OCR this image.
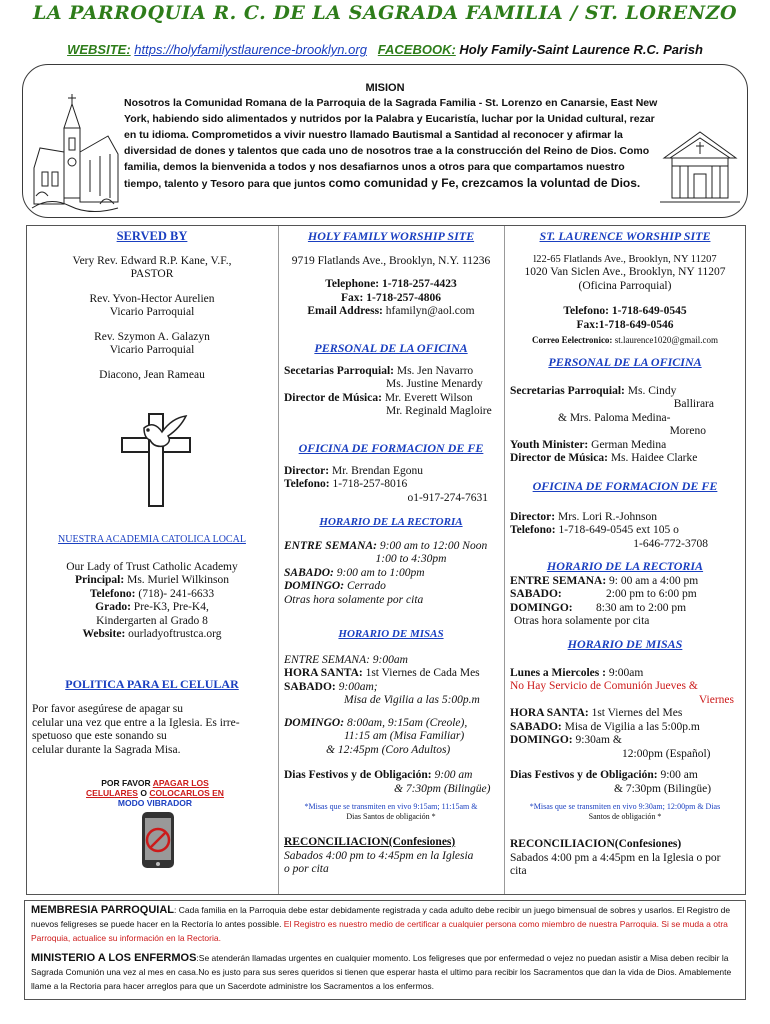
LA PARROQUIA R. C. DE LA SAGRADA FAMILIA / ST. LORENZO
WEBSITE: https://holyfamilystlaurence-brooklyn.org FACEBOOK: Holy Family-Saint Laurence R.C. Parish
MISION
Nosotros la Comunidad Romana de la Parroquia de la Sagrada Familia - St. Lorenzo en Canarsie, East New York, habiendo sido alimentados y nutridos por la Palabra y Eucaristía, luchar por la Unidad cultural, rezar en tu idioma. Comprometidos a vivir nuestro llamado Bautismal a Santidad al reconocer y afirmar la diversidad de dones y talentos que cada uno de nosotros trae a la construcción del Reino de Dios. Como familia, demos la bienvenida a todos y nos desafiarnos unos a otros para que compartamos nuestro tiempo, talento y Tesoro para que juntos como comunidad y Fe, crezcamos la voluntad de Dios.
SERVED BY
Very Rev. Edward R.P. Kane, V.F.,
PASTOR
Rev. Yvon-Hector Aurelien
Vicario Parroquial
Rev. Szymon A. Galazyn
Vicario Parroquial
Diacono, Jean Rameau
NUESTRA ACADEMIA CATOLICA LOCAL
Our Lady of Trust Catholic Academy
Principal: Ms. Muriel Wilkinson
Telefono: (718)- 241-6633
Grado: Pre-K3, Pre-K4,
Kindergarten al Grado 8
Website: ourladyoftrustca.org
POLITICA PARA EL CELULAR
Por favor asegúrese de apagar su
celular una vez que entre a la Iglesia. Es irre-
spetuoso que este sonando su
celular durante la Sagrada Misa.
POR FAVOR APAGAR LOS
CELULARES O COLOCARLOS EN
MODO VIBRADOR
HOLY FAMILY WORSHIP SITE
9719 Flatlands Ave., Brooklyn, N.Y. 11236
Telephone: 1-718-257-4423
Fax: 1-718-257-4806
Email Address: hfamilyn@aol.com
PERSONAL DE LA OFICINA
Secetarias Parroquial: Ms. Jen Navarro
Ms. Justine Menardy
Director de Música: Mr. Everett Wilson
Mr. Reginald Magloire
OFICINA DE FORMACION DE FE
Director: Mr. Brendan Egonu
Telefono: 1-718-257-8016
o1-917-274-7631
HORARIO DE LA RECTORIA
ENTRE SEMANA: 9:00 am to 12:00 Noon
1:00 to 4:30pm
SABADO: 9:00 am to 1:00pm
DOMINGO: Cerrado
Otras hora solamente por cita
HORARIO DE MISAS
ENTRE SEMANA: 9:00am
HORA SANTA: 1st Viernes de Cada Mes
SABADO: 9:00am;
Misa de Vigilia a las 5:00p.m
DOMINGO: 8:00am, 9:15am (Creole),
11:15 am (Misa Familiar)
& 12:45pm (Coro Adultos)
Dias Festivos y de Obligación: 9:00 am
& 7:30pm (Bilingüe)
*Misas que se transmiten en vivo 9:15am; 11:15am &
Dias Santos de obligación *
RECONCILIACION(Confesiones)
Sabados 4:00 pm to 4:45pm en la Iglesia
o por cita
ST. LAURENCE WORSHIP SITE
l22-65 Flatlands Ave., Brooklyn, NY 11207
1020 Van Siclen Ave., Brooklyn, NY 11207
(Oficina Parroquial)
Telefono: 1-718-649-0545
Fax:1-718-649-0546
Correo Eelectronico: st.laurence1020@gmail.com
PERSONAL DE LA OFICINA
Secretarias Parroquial: Ms. Cindy
Ballirara
& Mrs. Paloma Medina-
Moreno
Youth Minister: German Medina
Director de Música: Ms. Haidee Clarke
OFICINA DE FORMACION DE FE
Director: Mrs. Lori R.-Johnson
Telefono: 1-718-649-0545 ext 105 o
1-646-772-3708
HORARIO DE LA RECTORIA
ENTRE SEMANA: 9: 00 am a 4:00 pm
SABADO:	2:00 pm to 6:00 pm
DOMINGO: 8:30 am to 2:00 pm
Otras hora solamente por cita
HORARIO DE MISAS
Lunes a Miercoles : 9:00am
No Hay Servicio de Comunión Jueves &
Viernes
HORA SANTA: 1st Viernes del Mes
SABADO: Misa de Vigilia a las 5:00p.m
DOMINGO: 9:30am &
12:00pm (Español)
Dias Festivos y de Obligación: 9:00 am
& 7:30pm (Bilingüe)
*Misas que se transmiten en vivo 9:30am; 12:00pm & Dias
Santos de obligación *
RECONCILIACION(Confesiones)
Sabados 4:00 pm a 4:45pm en la Iglesia o por
cita
MEMBRESIA PARROQUIAL: Cada familia en la Parroquia debe estar debidamente registrada y cada adulto debe recibir un juego bimensual de sobres y usarlos. El Registro de nuevos feligreses se puede hacer en la Rectoría lo antes possible. El Registro es nuestro medio de certificar a cualquier persona como miembro de nuestra Parroquia. Si se muda a otra Parroquia, actualice su información en la Rectoria.
MINISTERIO A LOS ENFERMOS:Se atenderán llamadas urgentes en cualquier momento. Los feligreses que por enfermedad o vejez no puedan asistir a Misa deben recibir la Sagrada Comunión una vez al mes en casa.No es justo para sus seres queridos si tienen que esperar hasta el ultimo para recibir los Sacramentos que dan la vida de Dios. Amablemente llame a la Rectoria para hacer arreglos para que un Sacerdote administre los Sacramentos a los enfermos.
